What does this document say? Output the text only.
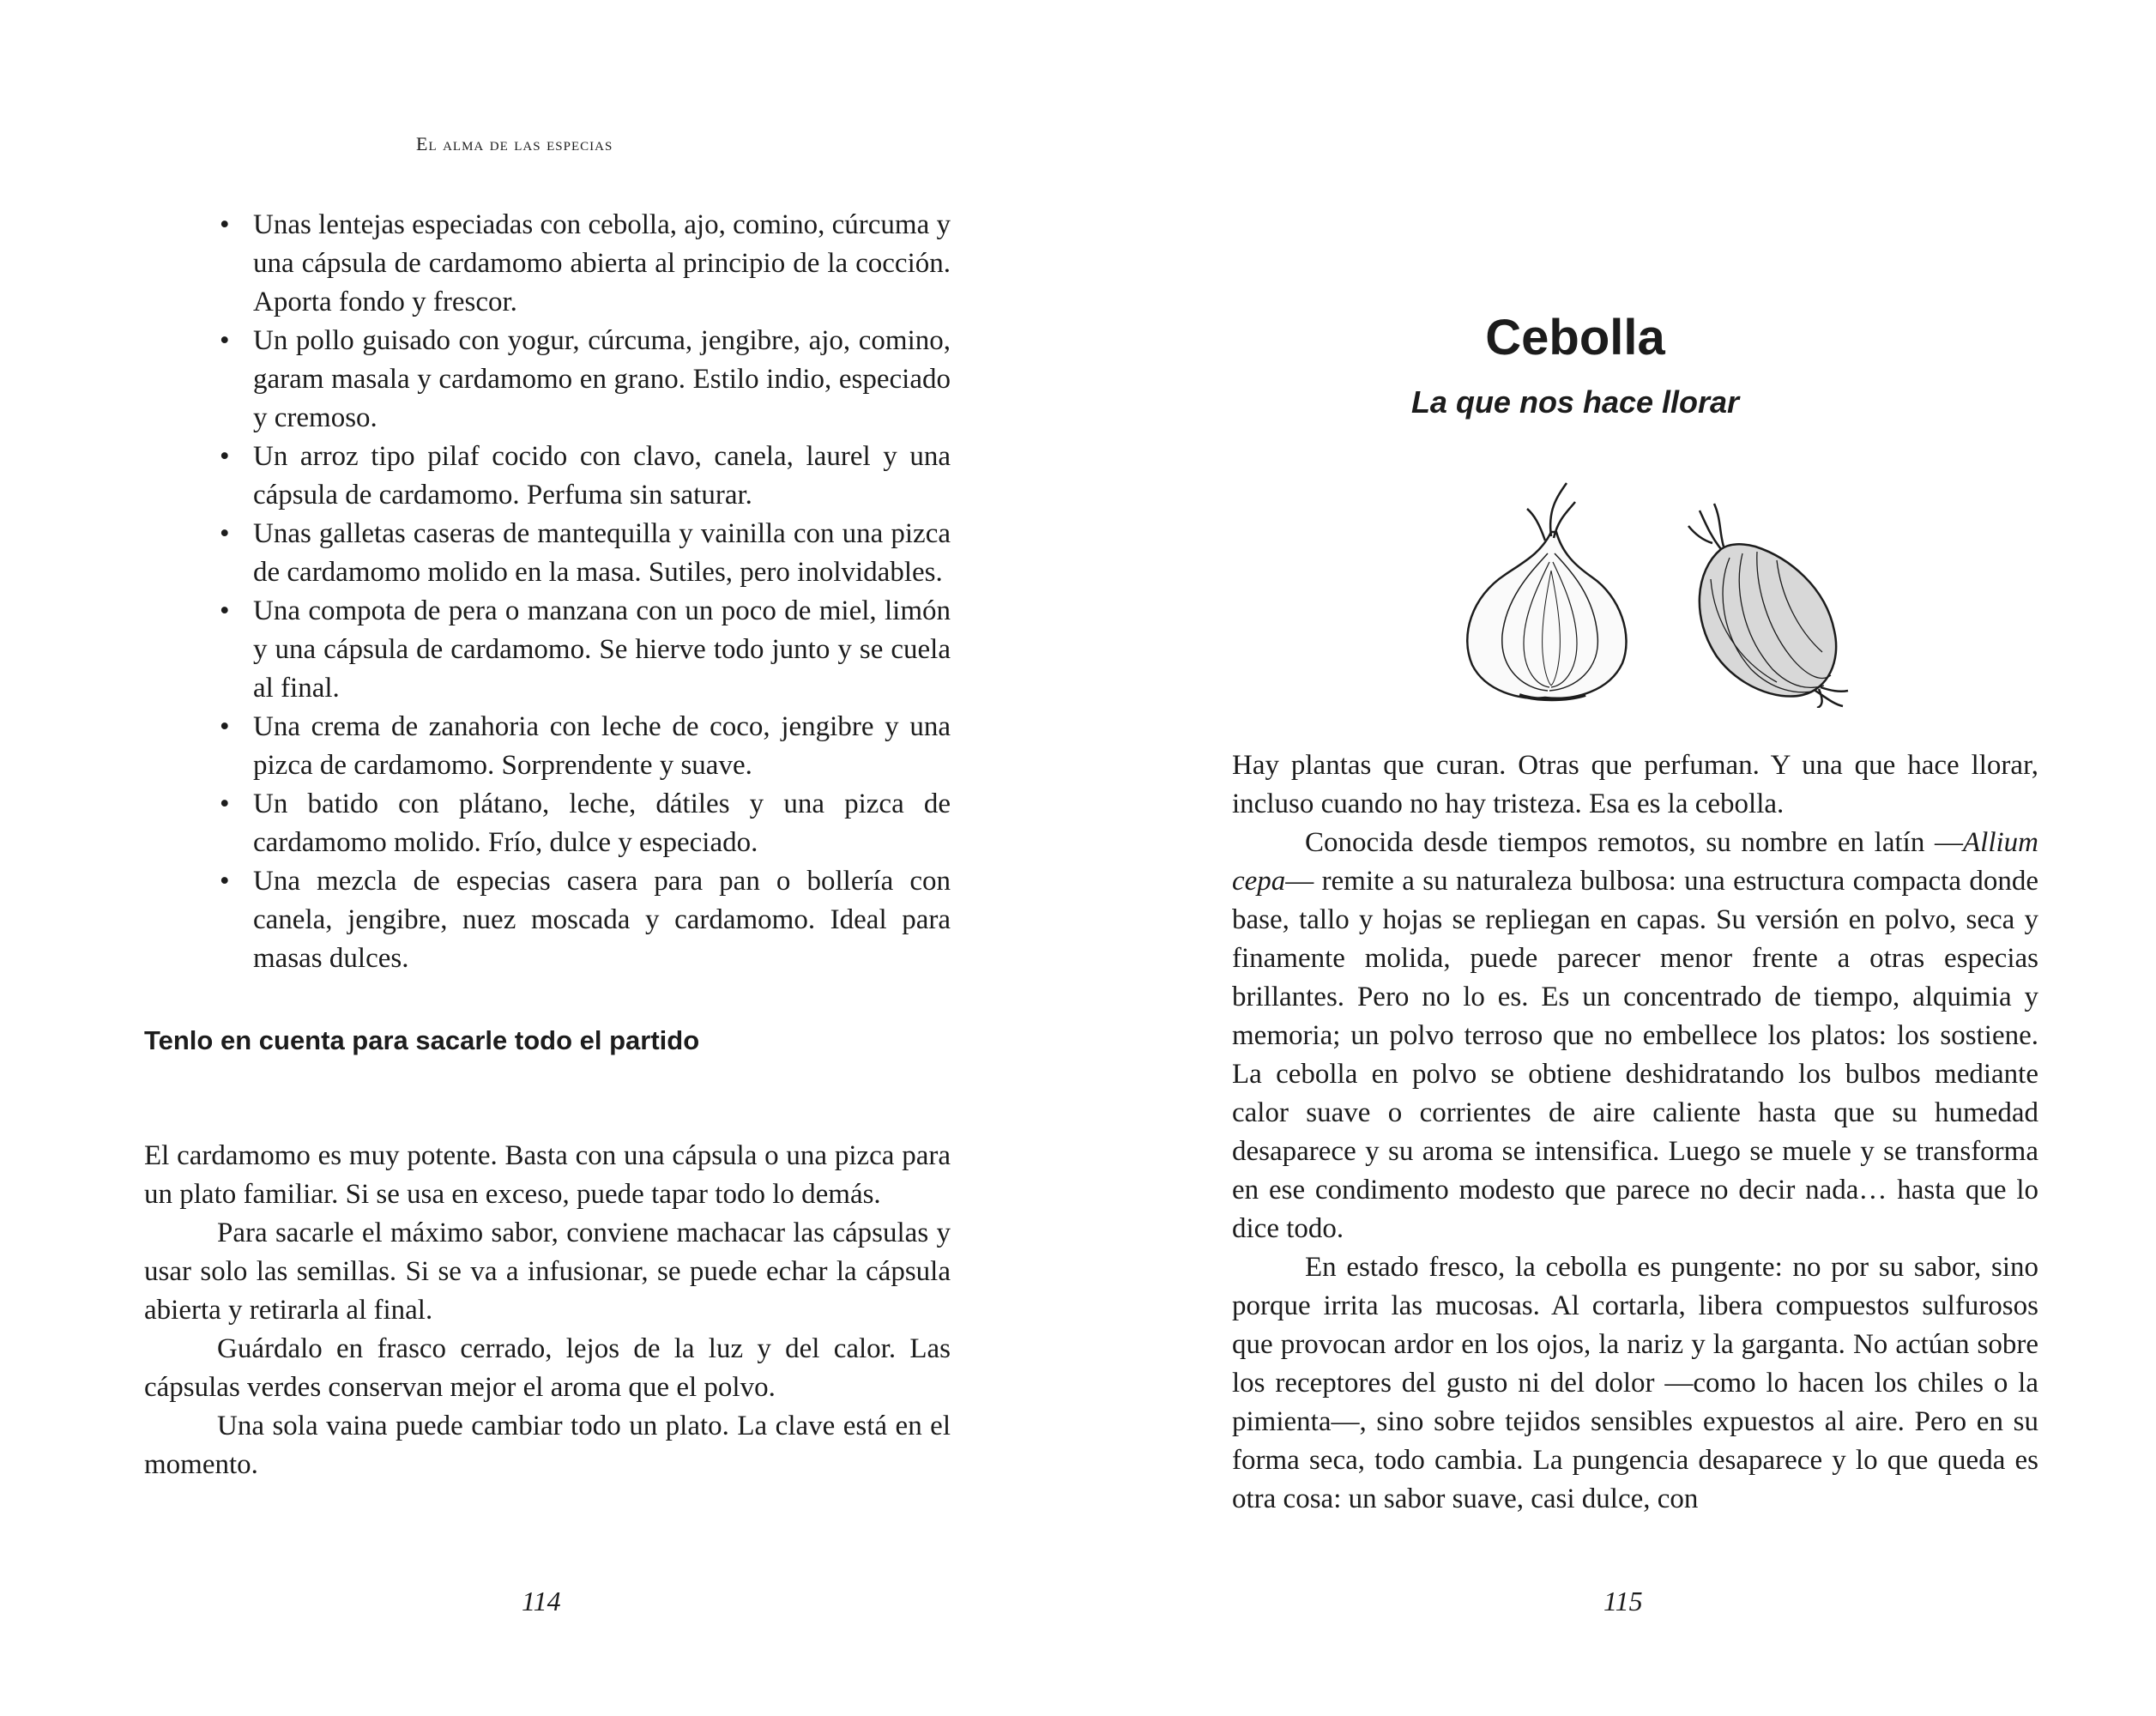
El alma de las especias
• Unas lentejas especiadas con cebolla, ajo, comino, cúrcuma y una cápsula de cardamomo abierta al principio de la cocción. Aporta fondo y frescor.
• Un pollo guisado con yogur, cúrcuma, jengibre, ajo, comino, garam masala y cardamomo en grano. Estilo indio, especiado y cremoso.
• Un arroz tipo pilaf cocido con clavo, canela, laurel y una cápsula de cardamomo. Perfuma sin saturar.
• Unas galletas caseras de mantequilla y vainilla con una pizca de cardamomo molido en la masa. Sutiles, pero inolvidables.
• Una compota de pera o manzana con un poco de miel, limón y una cápsula de cardamomo. Se hierve todo junto y se cuela al final.
• Una crema de zanahoria con leche de coco, jengibre y una pizca de cardamomo. Sorprendente y suave.
• Un batido con plátano, leche, dátiles y una pizca de cardamomo molido. Frío, dulce y especiado.
• Una mezcla de especias casera para pan o bollería con canela, jengibre, nuez moscada y cardamomo. Ideal para masas dulces.
Tenlo en cuenta para sacarle todo el partido

El cardamomo es muy potente. Basta con una cápsula o una pizca para un plato familiar. Si se usa en exceso, puede tapar todo lo demás.

Para sacarle el máximo sabor, conviene machacar las cápsulas y usar solo las semillas. Si se va a infusionar, se puede echar la cápsula abierta y retirarla al final.

Guárdalo en frasco cerrado, lejos de la luz y del calor. Las cápsulas verdes conservan mejor el aroma que el polvo.

Una sola vaina puede cambiar todo un plato. La clave está en el momento.

114
Cebolla
La que nos hace llorar

Hay plantas que curan. Otras que perfuman. Y una que hace llorar, incluso cuando no hay tristeza. Esa es la cebolla.

Conocida desde tiempos remotos, su nombre en latín —Allium cepa— remite a su naturaleza bulbosa: una estructura compacta donde base, tallo y hojas se repliegan en capas. Su versión en polvo, seca y finamente molida, puede parecer menor frente a otras especias brillantes. Pero no lo es. Es un concentrado de tiempo, alquimia y memoria; un polvo terroso que no embellece los platos: los sostiene. La cebolla en polvo se obtiene deshidratando los bulbos mediante calor suave o corrientes de aire caliente hasta que su humedad desaparece y su aroma se intensifica. Luego se muele y se transforma en ese condimento modesto que parece no decir nada… hasta que lo dice todo.

En estado fresco, la cebolla es pungente: no por su sabor, sino porque irrita las mucosas. Al cortarla, libera compuestos sulfurosos que provocan ardor en los ojos, la nariz y la garganta. No actúan sobre los receptores del gusto ni del dolor —como lo hacen los chiles o la pimienta—, sino sobre tejidos sensibles expuestos al aire. Pero en su forma seca, todo cambia. La pungencia desaparece y lo que queda es otra cosa: un sabor suave, casi dulce, con

115
